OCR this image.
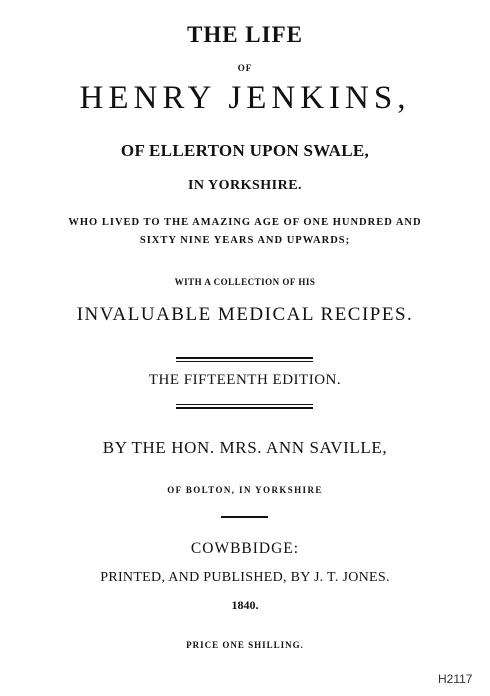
THE LIFE
OF
HENRY JENKINS,
OF ELLERTON UPON SWALE,
IN YORKSHIRE.
WHO LIVED TO THE AMAZING AGE OF ONE HUNDRED AND
SIXTY NINE YEARS AND UPWARDS;
WITH A COLLECTION OF HIS
INVALUABLE MEDICAL RECIPES.
THE FIFTEENTH EDITION.
BY THE HON. MRS. ANN SAVILLE,
OF BOLTON, IN YORKSHIRE
COWBBIDGE:
PRINTED, AND PUBLISHED, BY J. T. JONES.
1840.
PRICE ONE SHILLING.
H2117
